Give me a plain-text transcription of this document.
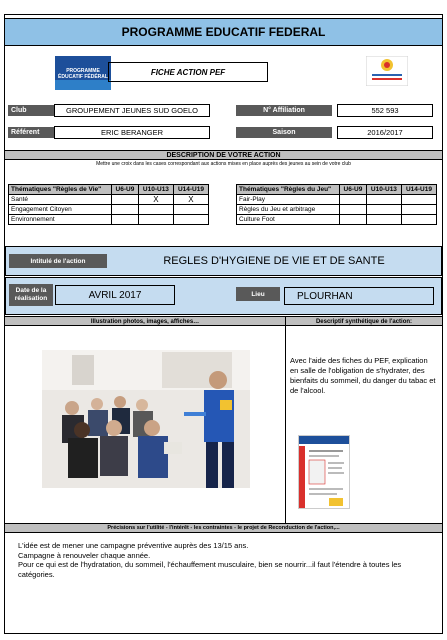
PROGRAMME EDUCATIF FEDERAL
PROGRAMME
ÉDUCATIF FÉDÉRAL
FICHE ACTION PEF
Club	GROUPEMENT JEUNES SUD GOELO	N° Affiliation	552 593
Référent	ERIC BERANGER	Saison	2016/2017
DESCRIPTION DE VOTRE ACTION
Mettre une croix dans les cases correspondant aux actions mises en place auprès des jeunes au sein de votre club
Thématiques "Règles de Vie"	U6-U9	U10-U13	U14-U19
Santé		X	X
Engagement Citoyen			
Environnement			
Thématiques "Règles du Jeu"	U6-U9	U10-U13	U14-U19
Fair-Play			
Règles du Jeu et arbitrage			
Culture Foot			
Intitulé de l'action	REGLES D'HYGIENE DE VIE ET DE SANTE
Date de la
réalisation	AVRIL 2017	Lieu	PLOURHAN
Illustration photos, images, affiches…	Descriptif synthétique de l'action:
Avec l'aide des fiches du PEF, explication en salle de l'obligation de s'hydrater, des bienfaits du sommeil, du danger du tabac et de l'alcool.
Précisions sur l'utilité - l'intérêt - les contraintes - le projet de Reconduction de l'action,...
L'idée est de mener une campagne préventive auprès des 13/15 ans.
Campagne à renouveler chaque année.
Pour ce qui est de l'hydratation, du sommeil, l'échauffement musculaire, bien se nourrir...il faut l'étendre à toutes les catégories.
